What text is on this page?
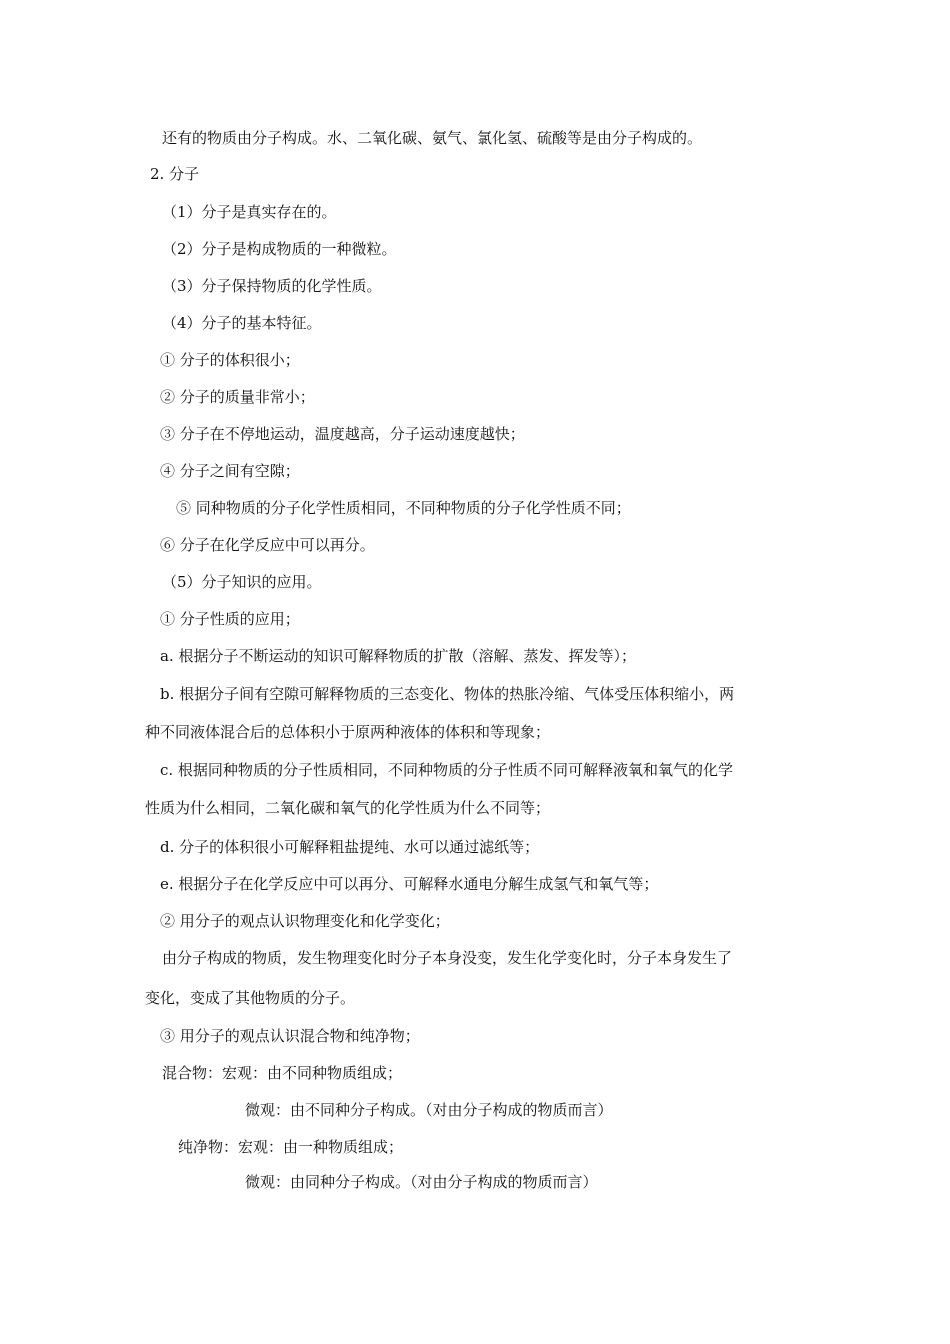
还有的物质由分子构成。水、二氧化碳、氨气、氯化氢、硫酸等是由分子构成的。
2. 分子
（1）分子是真实存在的。
（2）分子是构成物质的一种微粒。
（3）分子保持物质的化学性质。
（4）分子的基本特征。
① 分子的体积很小；
② 分子的质量非常小；
③ 分子在不停地运动，温度越高，分子运动速度越快；
④ 分子之间有空隙；
⑤ 同种物质的分子化学性质相同，不同种物质的分子化学性质不同；
⑥ 分子在化学反应中可以再分。
（5）分子知识的应用。
① 分子性质的应用；
a. 根据分子不断运动的知识可解释物质的扩散（溶解、蒸发、挥发等）；
b. 根据分子间有空隙可解释物质的三态变化、物体的热胀冷缩、气体受压体积缩小，两
种不同液体混合后的总体积小于原两种液体的体积和等现象；
c. 根据同种物质的分子性质相同，不同种物质的分子性质不同可解释液氧和氧气的化学
性质为什么相同，二氧化碳和氧气的化学性质为什么不同等；
d. 分子的体积很小可解释粗盐提纯、水可以通过滤纸等；
e. 根据分子在化学反应中可以再分、可解释水通电分解生成氢气和氧气等；
② 用分子的观点认识物理变化和化学变化；
由分子构成的物质，发生物理变化时分子本身没变，发生化学变化时，分子本身发生了
变化，变成了其他物质的分子。
③ 用分子的观点认识混合物和纯净物；
混合物：宏观：由不同种物质组成；
微观：由不同种分子构成。（对由分子构成的物质而言）
纯净物：宏观：由一种物质组成；
微观：由同种分子构成。（对由分子构成的物质而言）
